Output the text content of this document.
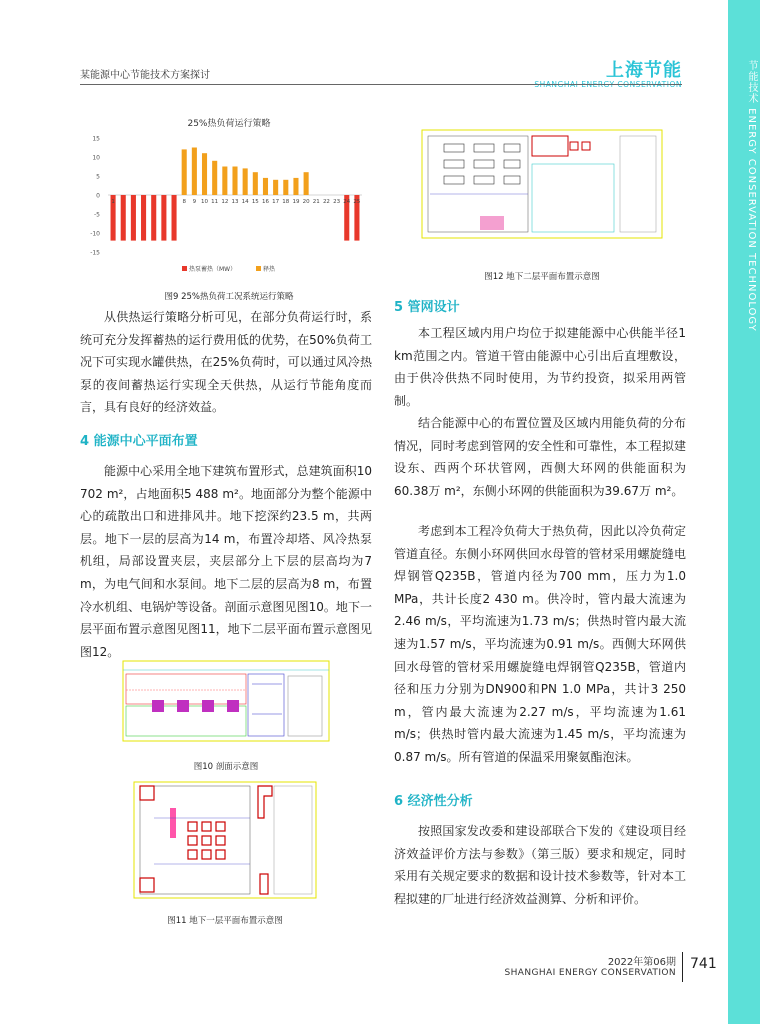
某能源中心节能技术方案探讨	上海节能	节能技术 ENERGY CONSERVATION TECHNOLOGY
25%热负荷运行策略
15
10
5
0
-5
-10
-15
1	8 9 10 11 12 13 14 15 16 17 18 19 20 21 22 23 24 25
热泵蓄热（MW）	释热
图9 25%热负荷工况系统运行策略
从供热运行策略分析可见，在部分负荷运行时，系统可充分发挥蓄热的运行费用低的优势，在50%负荷工况下可实现水罐供热，在25%负荷时，可以通过风冷热泵的夜间蓄热运行实现全天供热，从运行节能角度而言，具有良好的经济效益。
4 能源中心平面布置
能源中心采用全地下建筑布置形式，总建筑面积10 702 m²，占地面积5 488 m²。地面部分为整个能源中心的疏散出口和进排风井。地下挖深约23.5 m，共两层。地下一层的层高为14 m，布置冷却塔、风冷热泵机组，局部设置夹层，夹层部分上下层的层高均为7 m，为电气间和水泵间。地下二层的层高为8 m，布置冷水机组、电锅炉等设备。剖面示意图见图10。地下一层平面布置示意图见图11，地下二层平面布置示意图见图12。
图10 剖面示意图
图11 地下一层平面布置示意图
图12 地下二层平面布置示意图
5 管网设计
本工程区域内用户均位于拟建能源中心供能半径1 km范围之内。管道干管由能源中心引出后直埋敷设，由于供冷供热不同时使用，为节约投资，拟采用两管制。
结合能源中心的布置位置及区域内用能负荷的分布情况，同时考虑到管网的安全性和可靠性，本工程拟建设东、西两个环状管网，西侧大环网的供能面积为60.38万 m²，东侧小环网的供能面积为39.67万 m²。
考虑到本工程冷负荷大于热负荷，因此以冷负荷定管道直径。东侧小环网供回水母管的管材采用螺旋缝电焊钢管Q235B，管道内径为700 mm，压力为1.0 MPa，共计长度2 430 m。供冷时，管内最大流速为2.46 m/s，平均流速为1.73 m/s；供热时管内最大流速为1.57 m/s，平均流速为0.91 m/s。西侧大环网供回水母管的管材采用螺旋缝电焊钢管Q235B，管道内径和压力分别为DN900和PN 1.0 MPa，共计3 250 m，管内最大流速为2.27 m/s，平均流速为1.61 m/s；供热时管内最大流速为1.45 m/s，平均流速为0.87 m/s。所有管道的保温采用聚氨酯泡沫。
6 经济性分析
按照国家发改委和建设部联合下发的《建设项目经济效益评价方法与参数》（第三版）要求和规定，同时采用有关规定要求的数据和设计技术参数等，针对本工程拟建的厂址进行经济效益测算、分析和评价。
2022年第06期
SHANGHAI ENERGY CONSERVATION
741
